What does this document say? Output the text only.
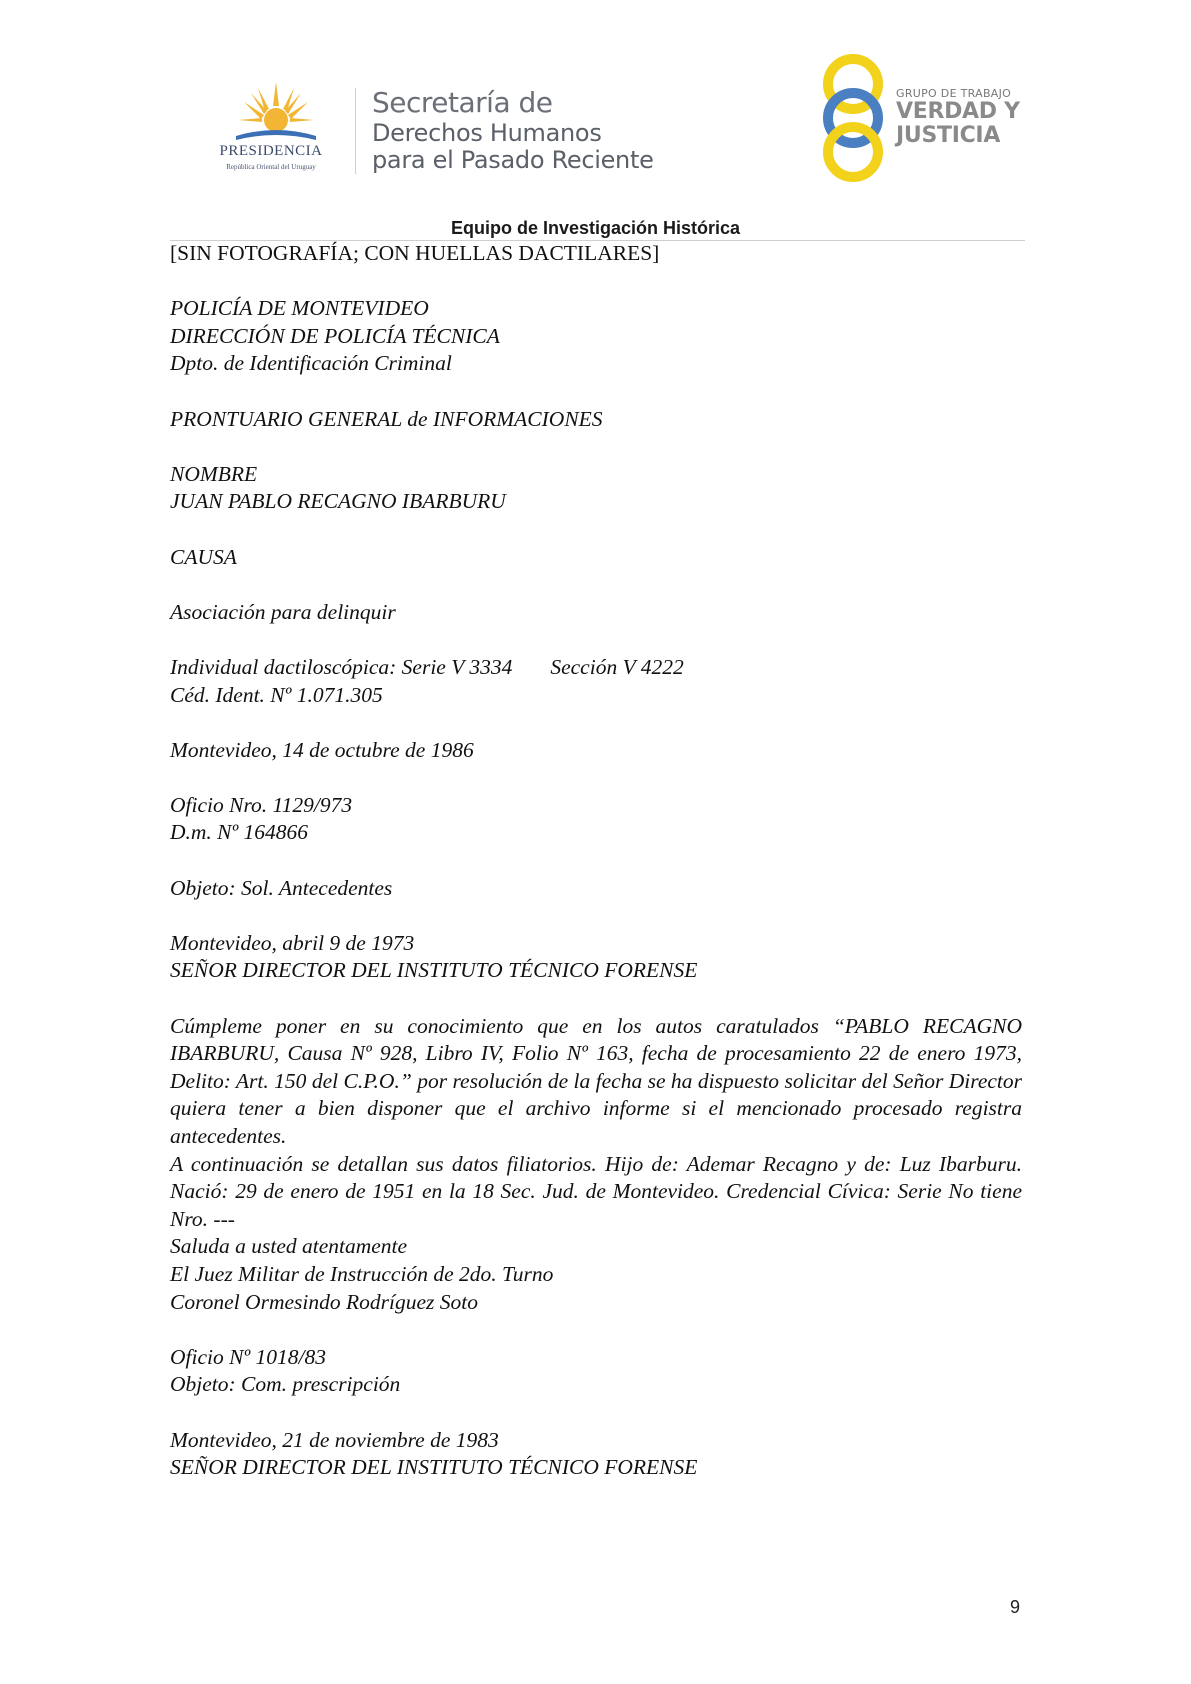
PRESIDENCIA
República Oriental del Uruguay
Secretaría de
Derechos Humanos
para el Pasado Reciente
GRUPO DE TRABAJO
VERDAD Y
JUSTICIA
Equipo de Investigación Histórica
[SIN FOTOGRAFÍA; CON HUELLAS DACTILARES]
POLICÍA DE MONTEVIDEO
DIRECCIÓN DE POLICÍA TÉCNICA
Dpto. de Identificación Criminal
PRONTUARIO GENERAL de INFORMACIONES
NOMBRE
JUAN PABLO RECAGNO IBARBURU
CAUSA
Asociación para delinquir
Individual dactiloscópica: Serie V 3334 Sección V 4222
Céd. Ident. Nº 1.071.305
Montevideo, 14 de octubre de 1986
Oficio Nro. 1129/973
D.m. Nº 164866
Objeto: Sol. Antecedentes
Montevideo, abril 9 de 1973
SEÑOR DIRECTOR DEL INSTITUTO TÉCNICO FORENSE
Cúmpleme poner en su conocimiento que en los autos caratulados “PABLO RECAGNO IBARBURU, Causa Nº 928, Libro IV, Folio Nº 163, fecha de procesamiento 22 de enero 1973, Delito: Art. 150 del C.P.O.” por resolución de la fecha se ha dispuesto solicitar del Señor Director quiera tener a bien disponer que el archivo informe si el mencionado procesado registra antecedentes.
A continuación se detallan sus datos filiatorios. Hijo de: Ademar Recagno y de: Luz Ibarburu. Nació: 29 de enero de 1951 en la 18 Sec. Jud. de Montevideo. Credencial Cívica: Serie No tiene Nro. ---
Saluda a usted atentamente
El Juez Militar de Instrucción de 2do. Turno
Coronel Ormesindo Rodríguez Soto
Oficio Nº 1018/83
Objeto: Com. prescripción
Montevideo, 21 de noviembre de 1983
SEÑOR DIRECTOR DEL INSTITUTO TÉCNICO FORENSE
9
